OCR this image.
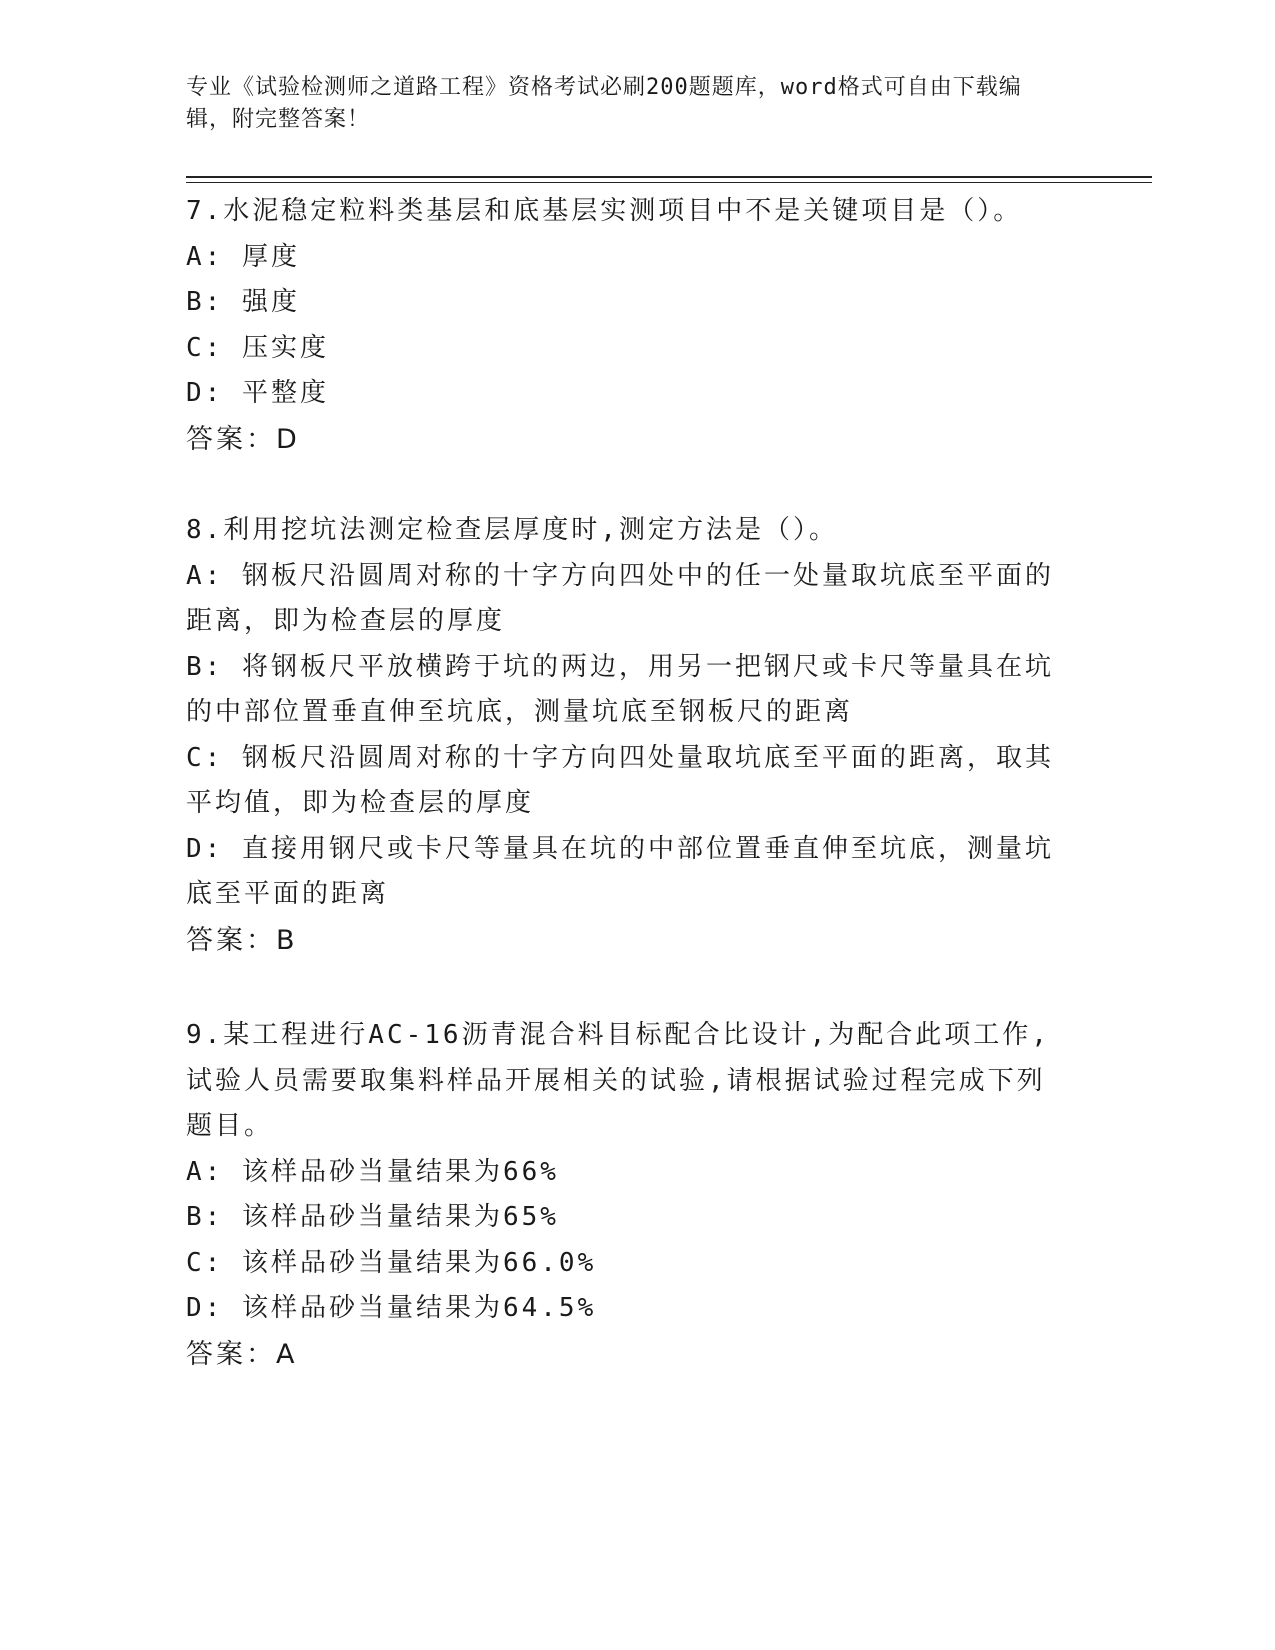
专业《试验检测师之道路工程》资格考试必刷200题题库，word格式可自由下载编辑，附完整答案！

7.水泥稳定粒料类基层和底基层实测项目中不是关键项目是（）。

A: 厚度

B: 强度

C: 压实度

D: 平整度

答案：D

8.利用挖坑法测定检查层厚度时,测定方法是（）。

A: 钢板尺沿圆周对称的十字方向四处中的任一处量取坑底至平面的距离，即为检查层的厚度

B: 将钢板尺平放横跨于坑的两边，用另一把钢尺或卡尺等量具在坑的中部位置垂直伸至坑底，测量坑底至钢板尺的距离

C: 钢板尺沿圆周对称的十字方向四处量取坑底至平面的距离，取其平均值，即为检查层的厚度

D: 直接用钢尺或卡尺等量具在坑的中部位置垂直伸至坑底，测量坑底至平面的距离

答案：B

9.某工程进行AC-16沥青混合料目标配合比设计,为配合此项工作,试验人员需要取集料样品开展相关的试验,请根据试验过程完成下列题目。

A: 该样品砂当量结果为66%

B: 该样品砂当量结果为65%

C: 该样品砂当量结果为66.0%

D: 该样品砂当量结果为64.5%

答案：A
